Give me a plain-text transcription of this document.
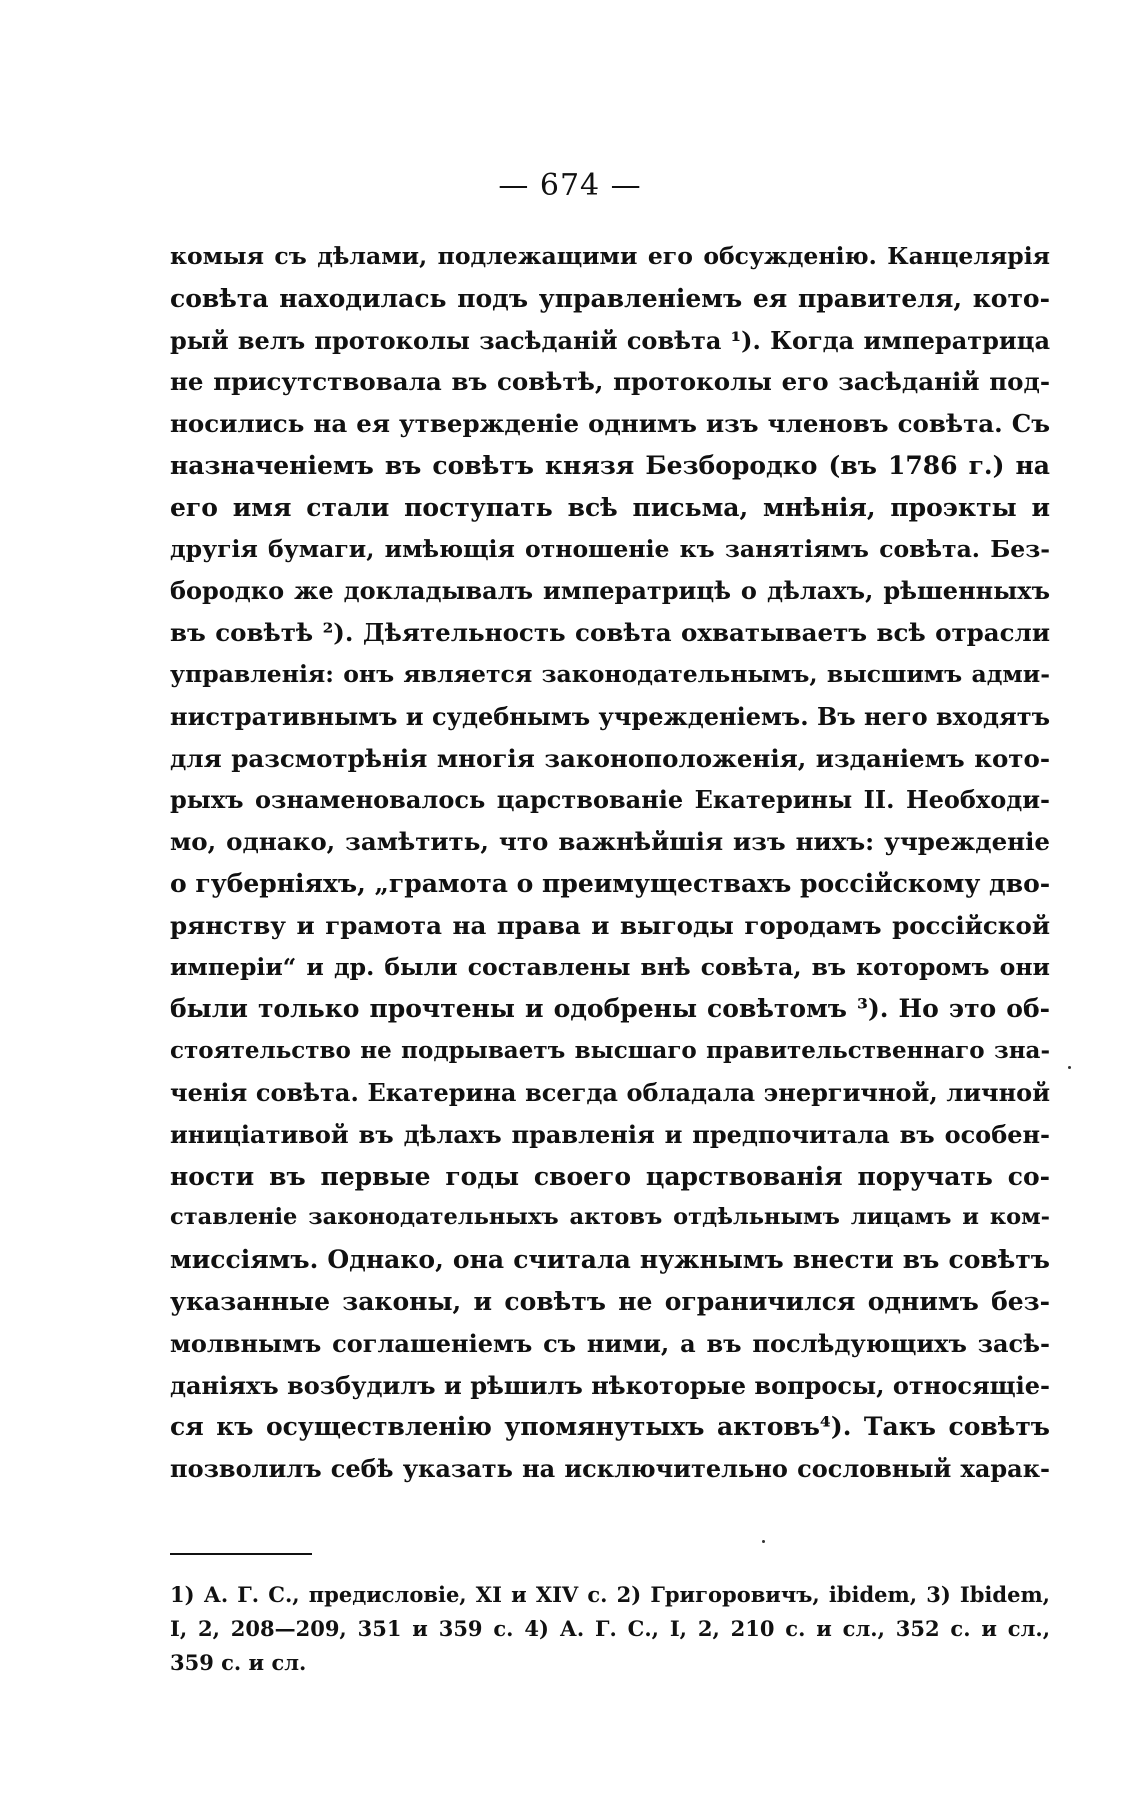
— 674 —
комыя съ дѣлами, подлежащими его обсужденію. Канцелярія
совѣта находилась подъ управленіемъ ея правителя, кото-
рый велъ протоколы засѣданій совѣта ¹). Когда императрица
не присутствовала въ совѣтѣ, протоколы его засѣданій под-
носились на ея утвержденіе однимъ изъ членовъ совѣта. Съ
назначеніемъ въ совѣтъ князя Безбородко (въ 1786 г.) на
его имя стали поступать всѣ письма, мнѣнія, проэкты и
другія бумаги, имѣющія отношеніе къ занятіямъ совѣта. Без-
бородко же докладывалъ императрицѣ о дѣлахъ, рѣшенныхъ
въ совѣтѣ ²). Дѣятельность совѣта охватываетъ всѣ отрасли
управленія: онъ является законодательнымъ, высшимъ адми-
нистративнымъ и судебнымъ учрежденіемъ. Въ него входятъ
для разсмотрѣнія многія законоположенія, изданіемъ кото-
рыхъ ознаменовалось царствованіе Екатерины II. Необходи-
мо, однако, замѣтить, что важнѣйшія изъ нихъ: учрежденіе
о губерніяхъ, „грамота о преимуществахъ россійскому дво-
рянству и грамота на права и выгоды городамъ россійской
имперіи“ и др. были составлены внѣ совѣта, въ которомъ они
были только прочтены и одобрены совѣтомъ ³). Но это об-
стоятельство не подрываетъ высшаго правительственнаго зна-
ченія совѣта. Екатерина всегда обладала энергичной, личной
иниціативой въ дѣлахъ правленія и предпочитала въ особен-
ности въ первые годы своего царствованія поручать со-
ставленіе законодательныхъ актовъ отдѣльнымъ лицамъ и ком-
миссіямъ. Однако, она считала нужнымъ внести въ совѣтъ
указанные законы, и совѣтъ не ограничился однимъ без-
молвнымъ соглашеніемъ съ ними, а въ послѣдующихъ засѣ-
даніяхъ возбудилъ и рѣшилъ нѣкоторые вопросы, относящіе-
ся къ осуществленію упомянутыхъ актовъ⁴). Такъ совѣтъ
позволилъ себѣ указать на исключительно сословный харак-
1) А. Г. С., предисловіе, XI и XIV с. 2) Григоровичъ, ibidem, 3) Ibidem,
I, 2, 208—209, 351 и 359 с. 4) А. Г. С., I, 2, 210 с. и сл., 352 с. и сл.,
359 с. и сл.
